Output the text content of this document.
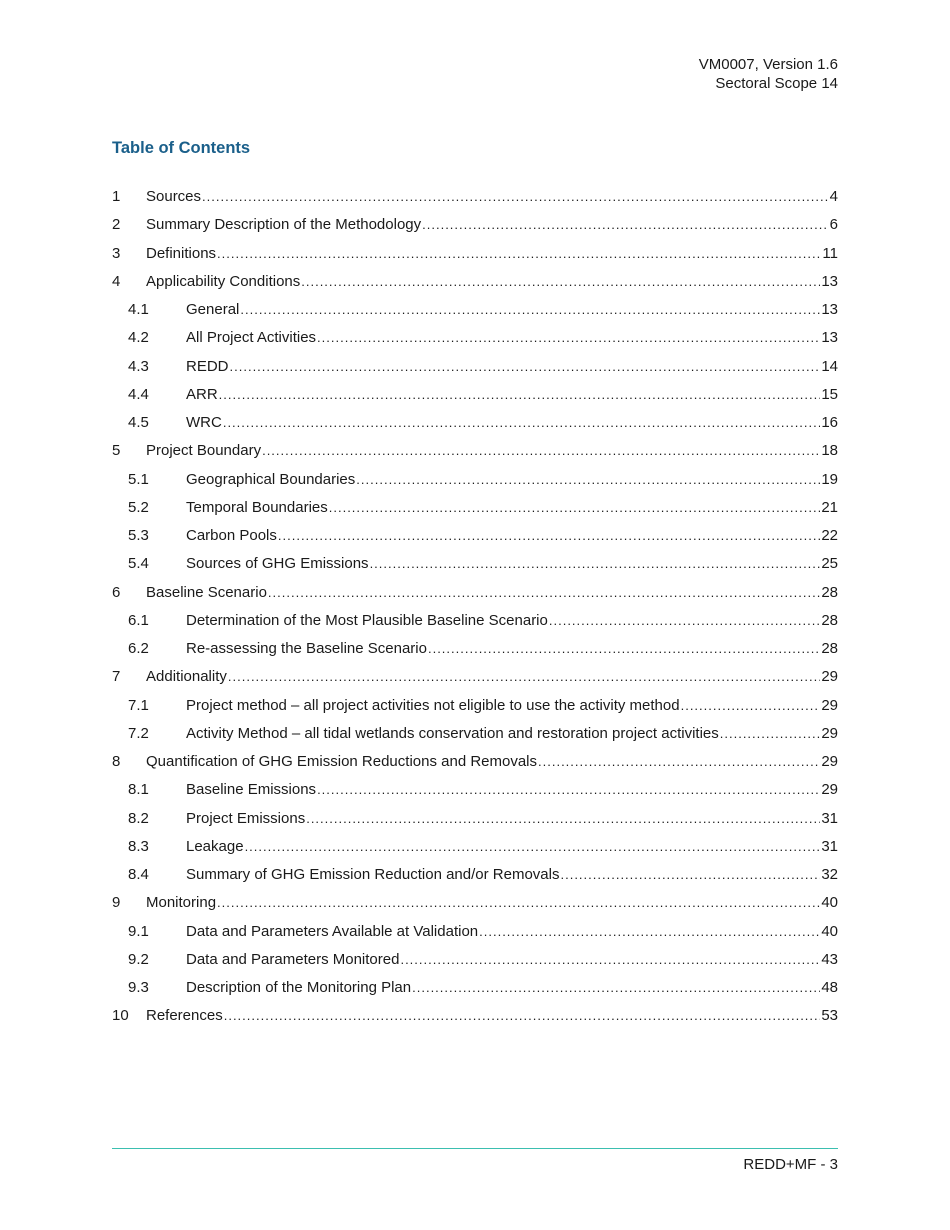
VM0007, Version 1.6
Sectoral Scope 14
Table of Contents
1	Sources .....	4
2	Summary Description of the Methodology .....	6
3	Definitions .....	11
4	Applicability Conditions .....	13
4.1	General .....	13
4.2	All Project Activities .....	13
4.3	REDD .....	14
4.4	ARR .....	15
4.5	WRC .....	16
5	Project Boundary .....	18
5.1	Geographical Boundaries .....	19
5.2	Temporal Boundaries .....	21
5.3	Carbon Pools .....	22
5.4	Sources of GHG Emissions .....	25
6	Baseline Scenario .....	28
6.1	Determination of the Most Plausible Baseline Scenario .....	28
6.2	Re-assessing the Baseline Scenario .....	28
7	Additionality .....	29
7.1	Project method – all project activities not eligible to use the activity method .....	29
7.2	Activity Method – all tidal wetlands conservation and restoration project activities .....	29
8	Quantification of GHG Emission Reductions and Removals .....	29
8.1	Baseline Emissions .....	29
8.2	Project Emissions .....	31
8.3	Leakage .....	31
8.4	Summary of GHG Emission Reduction and/or Removals .....	32
9	Monitoring .....	40
9.1	Data and Parameters Available at Validation .....	40
9.2	Data and Parameters Monitored .....	43
9.3	Description of the Monitoring Plan .....	48
10	References .....	53
REDD+MF - 3
